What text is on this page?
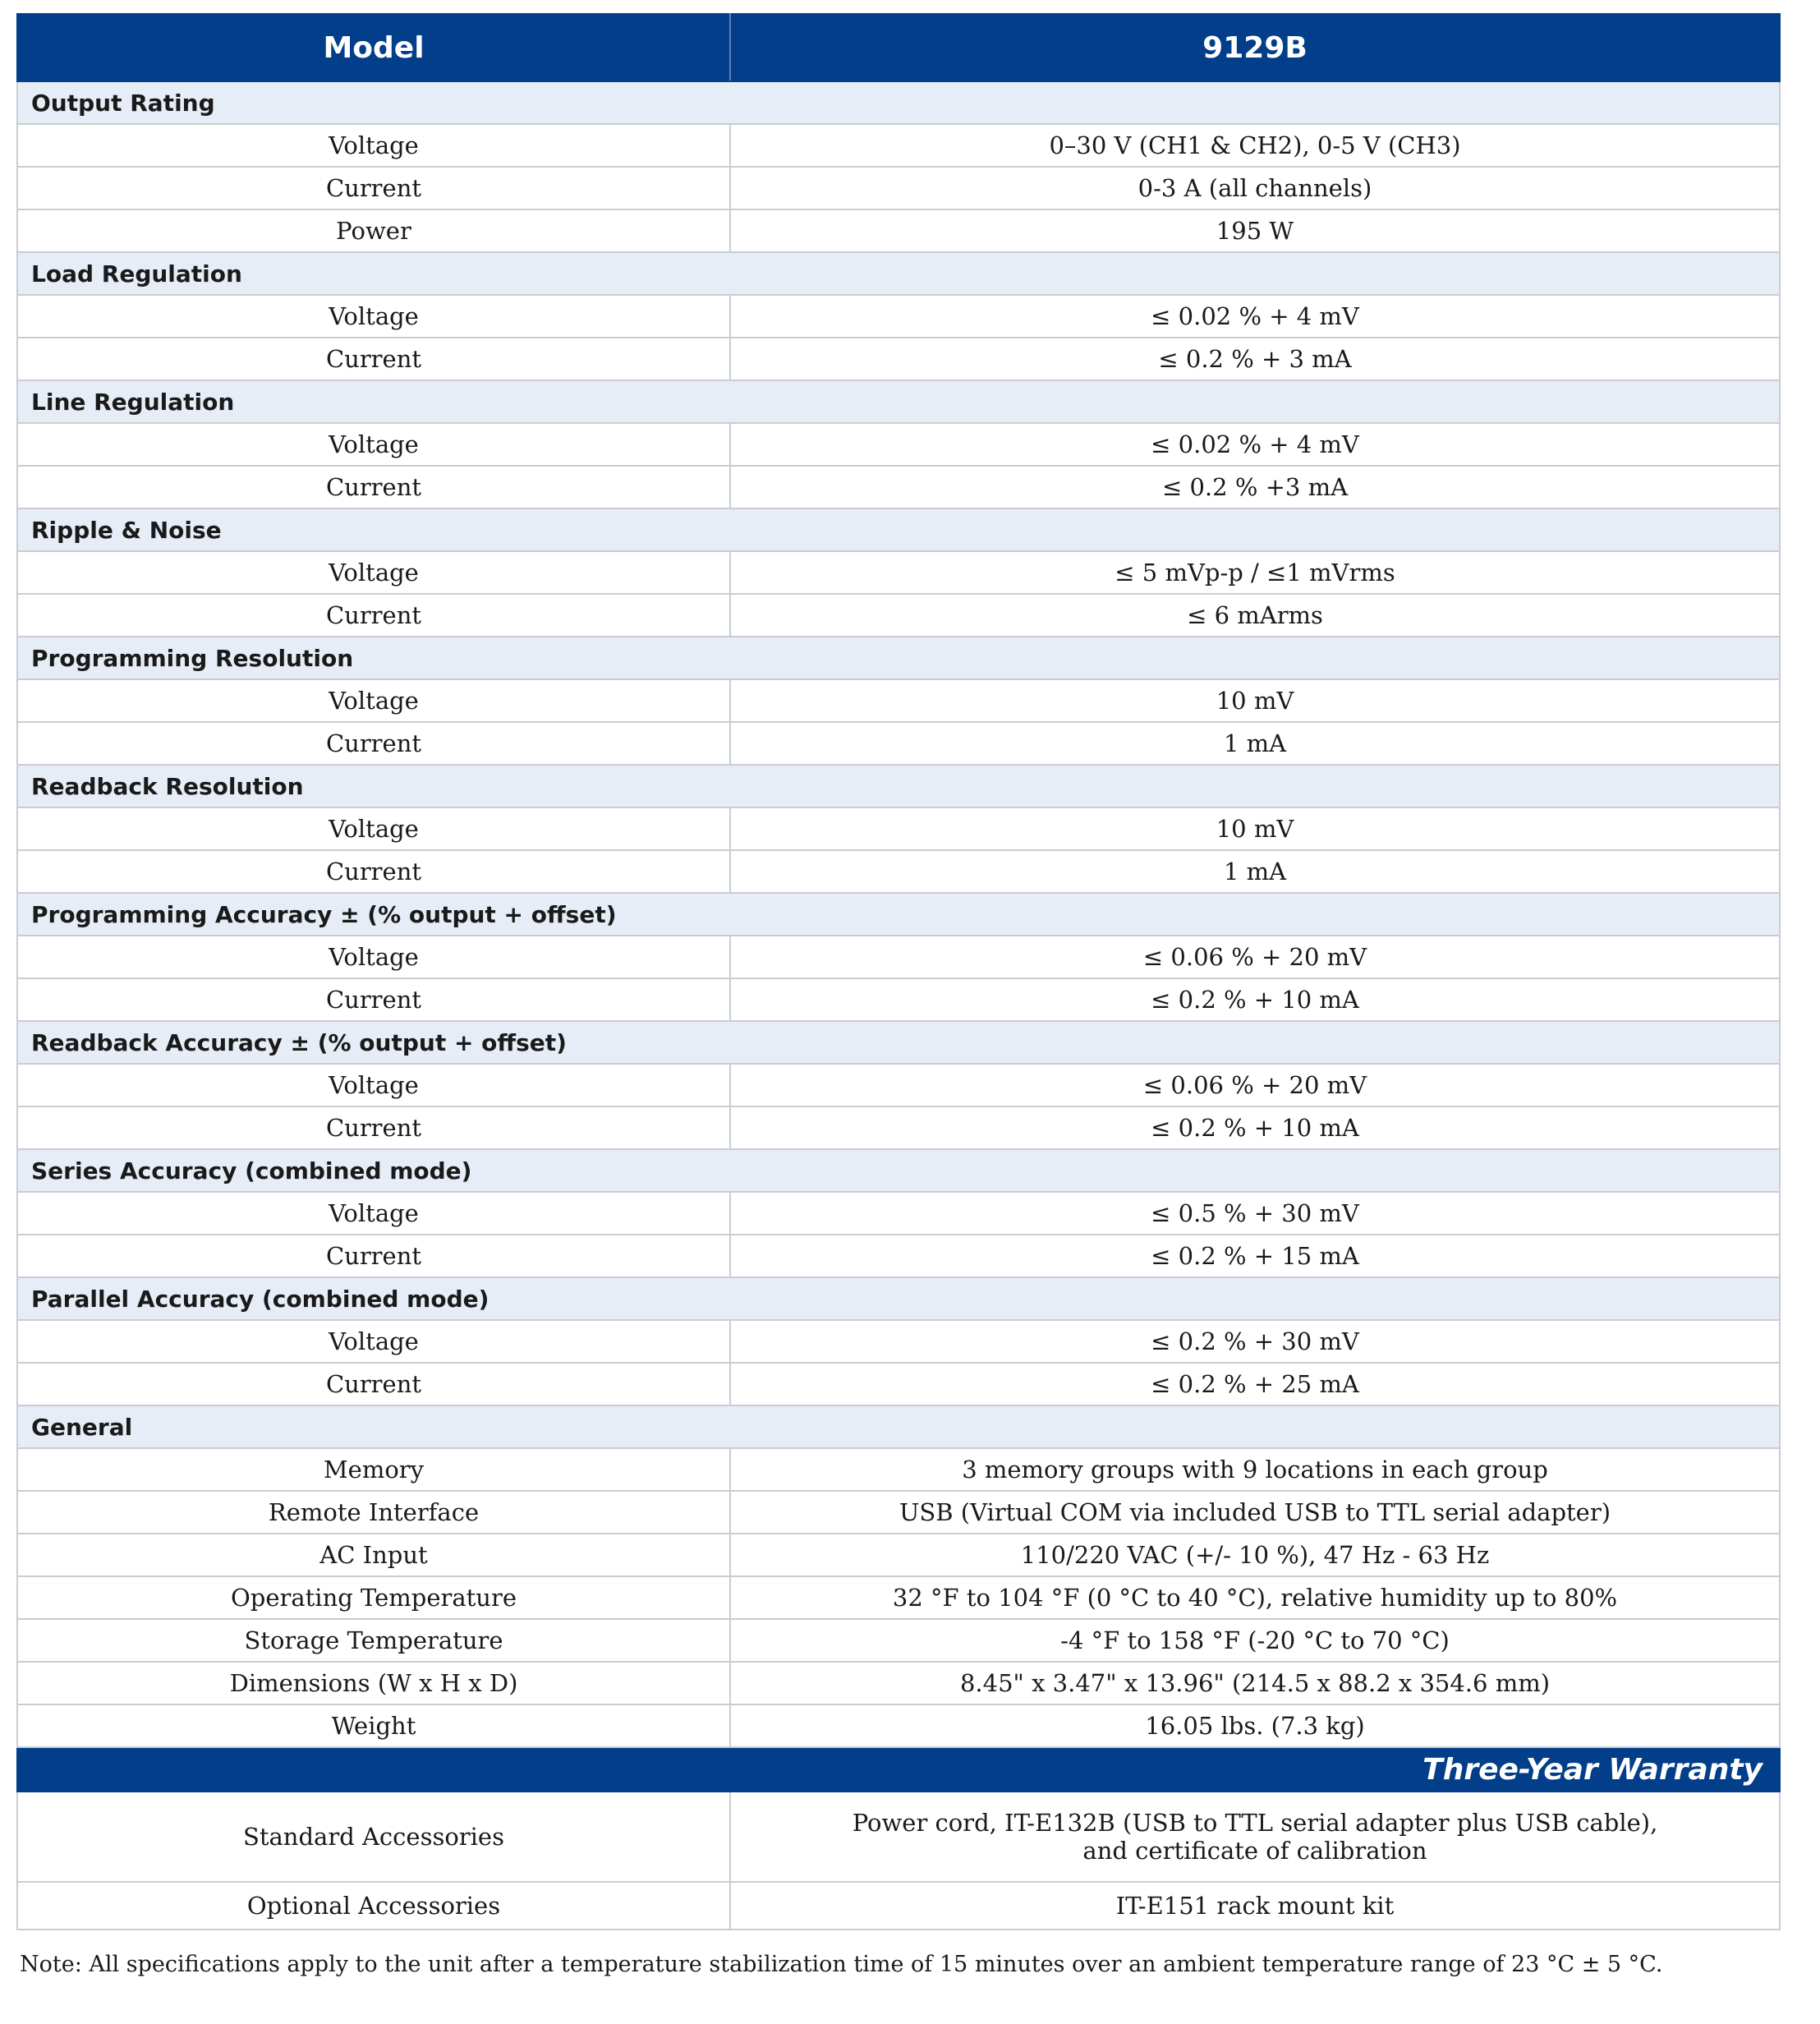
Model	9129B
Output Rating	
Voltage	0–30 V (CH1 & CH2), 0-5 V (CH3)
Current	0-3 A (all channels)
Power	195 W
Load Regulation	
Voltage	≤ 0.02 % + 4 mV
Current	≤ 0.2 % + 3 mA
Line Regulation	
Voltage	≤ 0.02 % + 4 mV
Current	≤ 0.2 % +3 mA
Ripple & Noise	
Voltage	≤ 5 mVp-p / ≤1 mVrms
Current	≤ 6 mArms
Programming Resolution	
Voltage	10 mV
Current	1 mA
Readback Resolution	
Voltage	10 mV
Current	1 mA
Programming Accuracy ± (% output + offset)	
Voltage	≤ 0.06 % + 20 mV
Current	≤ 0.2 % + 10 mA
Readback Accuracy ± (% output + offset)	
Voltage	≤ 0.06 % + 20 mV
Current	≤ 0.2 % + 10 mA
Series Accuracy (combined mode)	
Voltage	≤ 0.5 % + 30 mV
Current	≤ 0.2 % + 15 mA
Parallel Accuracy (combined mode)	
Voltage	≤ 0.2 % + 30 mV
Current	≤ 0.2 % + 25 mA
General	
Memory	3 memory groups with 9 locations in each group
Remote Interface	USB (Virtual COM via included USB to TTL serial adapter)
AC Input	110/220 VAC (+/- 10 %), 47 Hz - 63 Hz
Operating Temperature	32 °F to 104 °F (0 °C to 40 °C), relative humidity up to 80%
Storage Temperature	-4 °F to 158 °F (-20 °C to 70 °C)
Dimensions (W x H x D)	8.45" x 3.47" x 13.96" (214.5 x 88.2 x 354.6 mm)
Weight	16.05 lbs. (7.3 kg)
Three-Year Warranty	
Standard Accessories	Power cord, IT-E132B (USB to TTL serial adapter plus USB cable),
and certificate of calibration

Optional Accessories	IT-E151 rack mount kit
Note: All specifications apply to the unit after a temperature stabilization time of 15 minutes over an ambient temperature range of 23 °C ± 5 °C.
